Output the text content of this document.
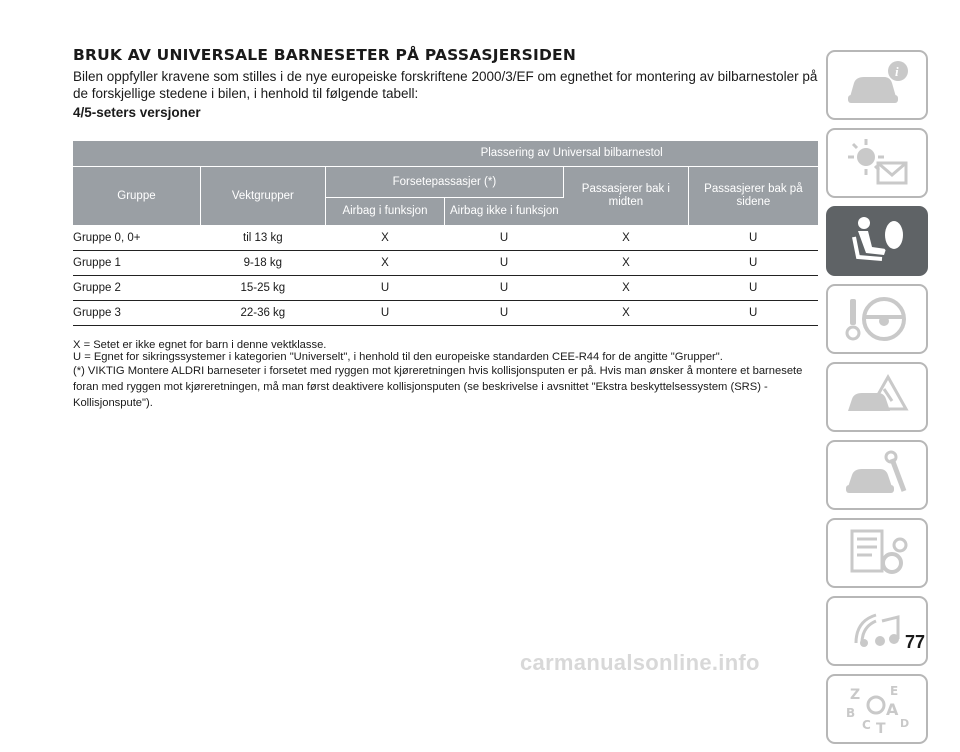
BRUK AV UNIVERSALE BARNESETER PÅ PASSASJERSIDEN

Bilen oppfyller kravene som stilles i de nye europeiske forskriftene 2000/3/EF om egnethet for montering av bilbarnestoler på de forskjellige stedene i bilen, i henhold til følgende tabell:

4/5-seters versjoner

		Plassering av Universal bilbarnestol			
Gruppe	Vektgrupper	Forsetepassasjer (*)		Passasjerer bak i midten	Passasjerer bak på sidene
		Airbag i funksjon	Airbag ikke i funksjon		
Gruppe 0, 0+	til 13 kg	X	U	X	U
Gruppe 1	9-18 kg	X	U	X	U
Gruppe 2	15-25 kg	U	U	X	U
Gruppe 3	22-36 kg	U	U	X	U

X = Setet er ikke egnet for barn i denne vektklasse.

U = Egnet for sikringssystemer i kategorien "Universelt", i henhold til den europeiske standarden CEE-R44 for de angitte "Grupper".

(*) VIKTIG Montere ALDRI barneseter i forsetet med ryggen mot kjøreretningen hvis kollisjonsputen er på. Hvis man ønsker å montere et barnesete foran med ryggen mot kjøreretningen, må man først deaktivere kollisjonsputen (se beskrivelse i avsnittet "Ekstra beskyttelsessystem (SRS) - Kollisjonspute").

i
Z E
B A
C T D
77
carmanualsonline.info
